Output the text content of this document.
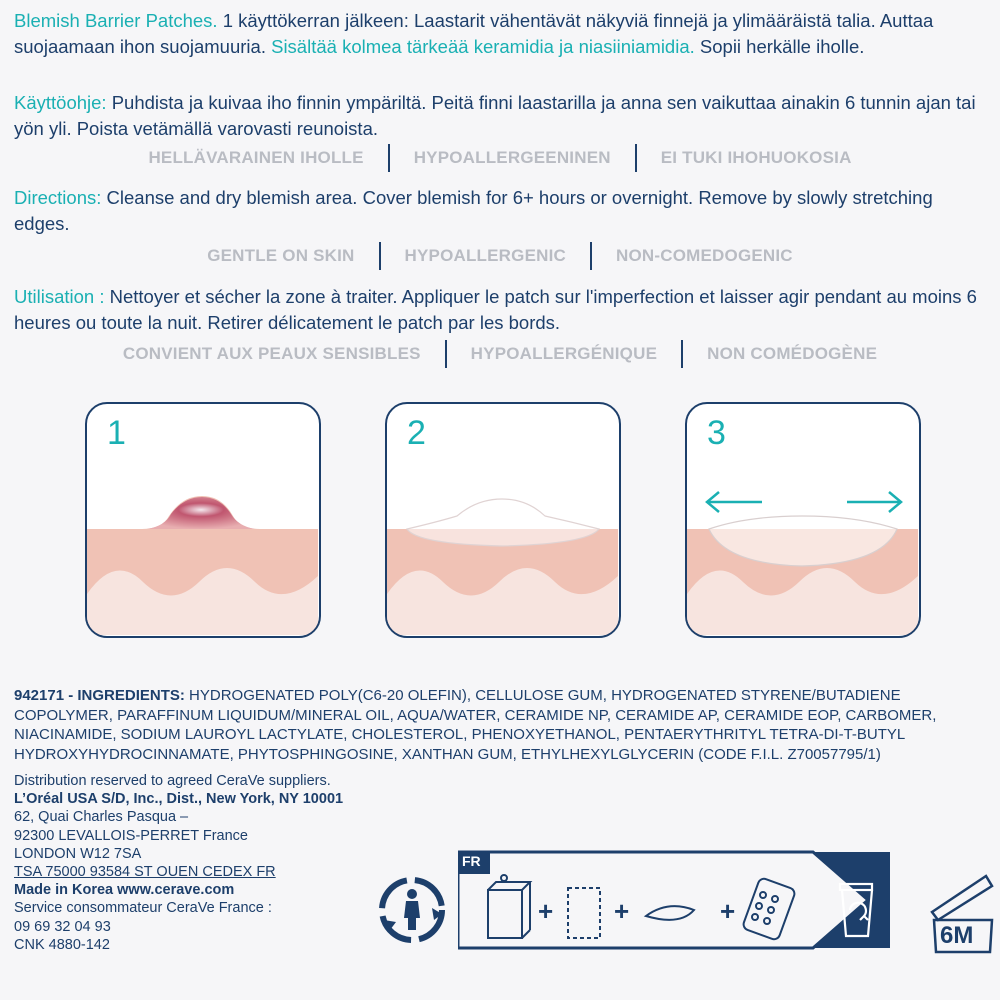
Blemish Barrier Patches. 1 käyttökerran jälkeen: Laastarit vähentävät näkyviä finnejä ja ylimääräistä talia. Auttaa suojaamaan ihon suojamuuria. Sisältää kolmea tärkeää keramidia ja niasiiniamidia. Sopii herkälle iholle.

Käyttöohje: Puhdista ja kuivaa iho finnin ympäriltä. Peitä finni laastarilla ja anna sen vaikuttaa ainakin 6 tunnin ajan tai yön yli. Poista vetämällä varovasti reunoista.

HELLÄVARAINEN IHOLLE	HYPOALLERGEENINEN	EI TUKI IHOHUOKOSIA

Directions: Cleanse and dry blemish area. Cover blemish for 6+ hours or overnight. Remove by slowly stretching edges.

GENTLE ON SKIN	HYPOALLERGENIC	NON-COMEDOGENIC

Utilisation : Nettoyer et sécher la zone à traiter. Appliquer le patch sur l'imperfection et laisser agir pendant au moins 6 heures ou toute la nuit. Retirer délicatement le patch par les bords.

CONVIENT AUX PEAUX SENSIBLES	HYPOALLERGÉNIQUE	NON COMÉDOGÈNE
1	2	3

942171 - INGREDIENTS: HYDROGENATED POLY(C6-20 OLEFIN), CELLULOSE GUM, HYDROGENATED STYRENE/BUTADIENE COPOLYMER, PARAFFINUM LIQUIDUM/MINERAL OIL, AQUA/WATER, CERAMIDE NP, CERAMIDE AP, CERAMIDE EOP, CARBOMER, NIACINAMIDE, SODIUM LAUROYL LACTYLATE, CHOLESTEROL, PHENOXYETHANOL, PENTAERYTHRITYL TETRA-DI-T-BUTYL HYDROXYHYDROCINNAMATE, PHYTOSPHINGOSINE, XANTHAN GUM, ETHYLHEXYLGLYCERIN (CODE F.I.L. Z70057795/1)

Distribution reserved to agreed CeraVe suppliers.
L’Oréal USA S/D, Inc., Dist., New York, NY 10001
62, Quai Charles Pasqua –
92300 LEVALLOIS-PERRET France
LONDON W12 7SA
TSA 75000 93584 ST OUEN CEDEX FR
Made in Korea www.cerave.com
Service consommateur CeraVe France :
09 69 32 04 93
CNK 4880-142
FR
+ +	+
6M
